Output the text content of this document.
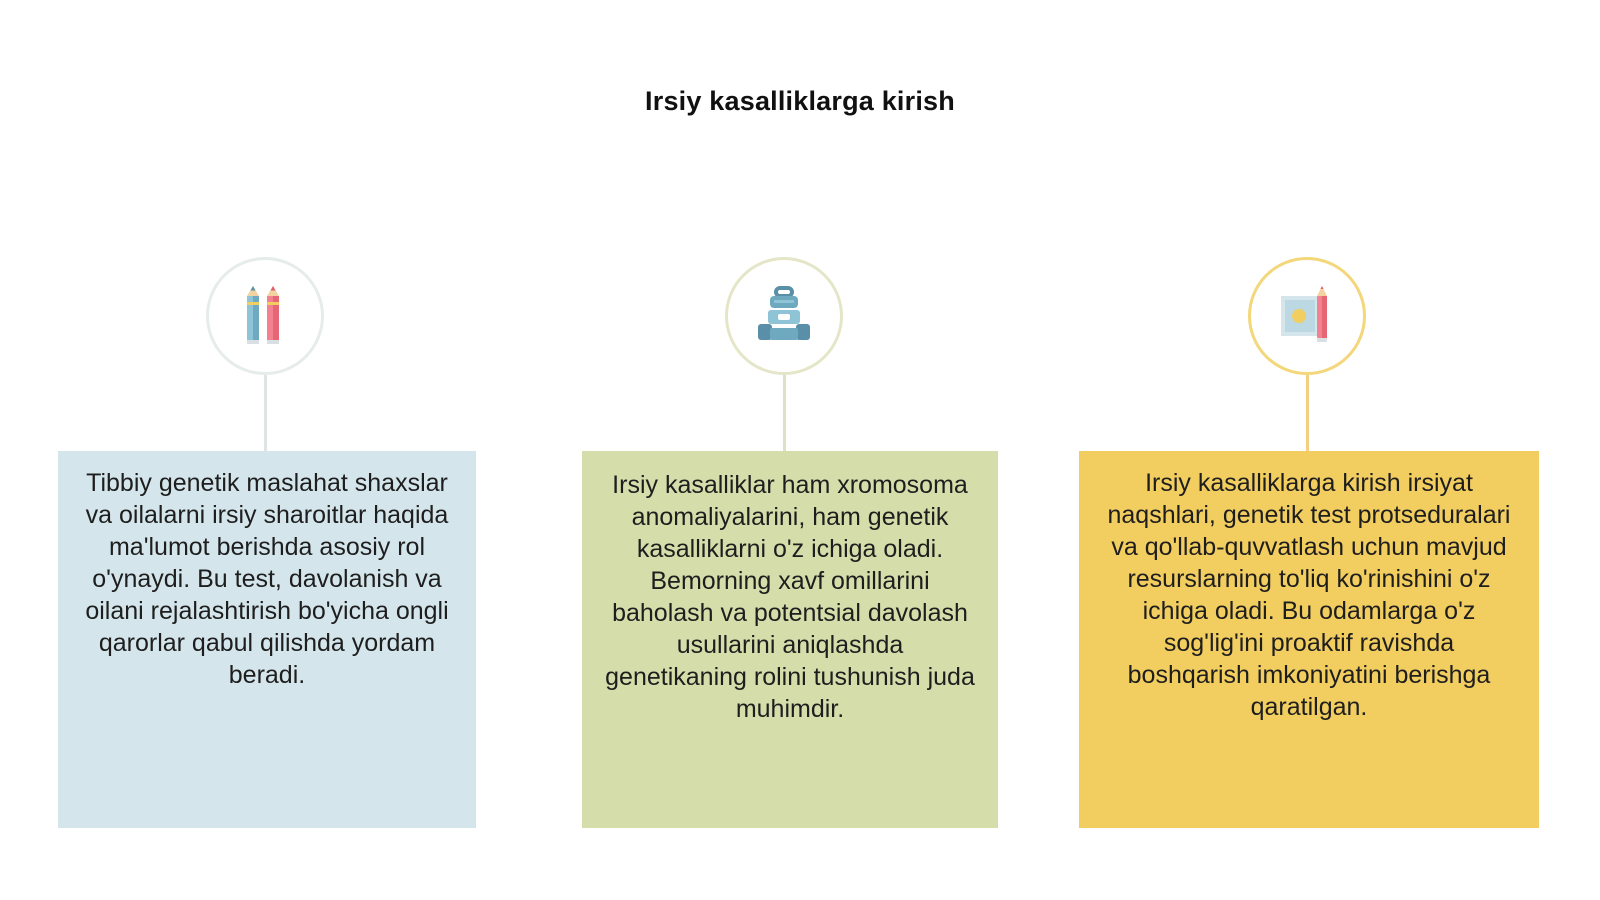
Irsiy kasalliklarga kirish

Tibbiy genetik maslahat shaxslar va oilalarni irsiy sharoitlar haqida ma'lumot berishda asosiy rol o'ynaydi. Bu test, davolanish va oilani rejalashtirish bo'yicha ongli qarorlar qabul qilishda yordam beradi.

Irsiy kasalliklar ham xromosoma anomaliyalarini, ham genetik kasalliklarni o'z ichiga oladi. Bemorning xavf omillarini baholash va potentsial davolash usullarini aniqlashda genetikaning rolini tushunish juda muhimdir.

Irsiy kasalliklarga kirish irsiyat naqshlari, genetik test protseduralari va qo'llab-quvvatlash uchun mavjud resurslarning to'liq ko'rinishini o'z ichiga oladi. Bu odamlarga o'z sog'lig'ini proaktif ravishda boshqarish imkoniyatini berishga qaratilgan.
